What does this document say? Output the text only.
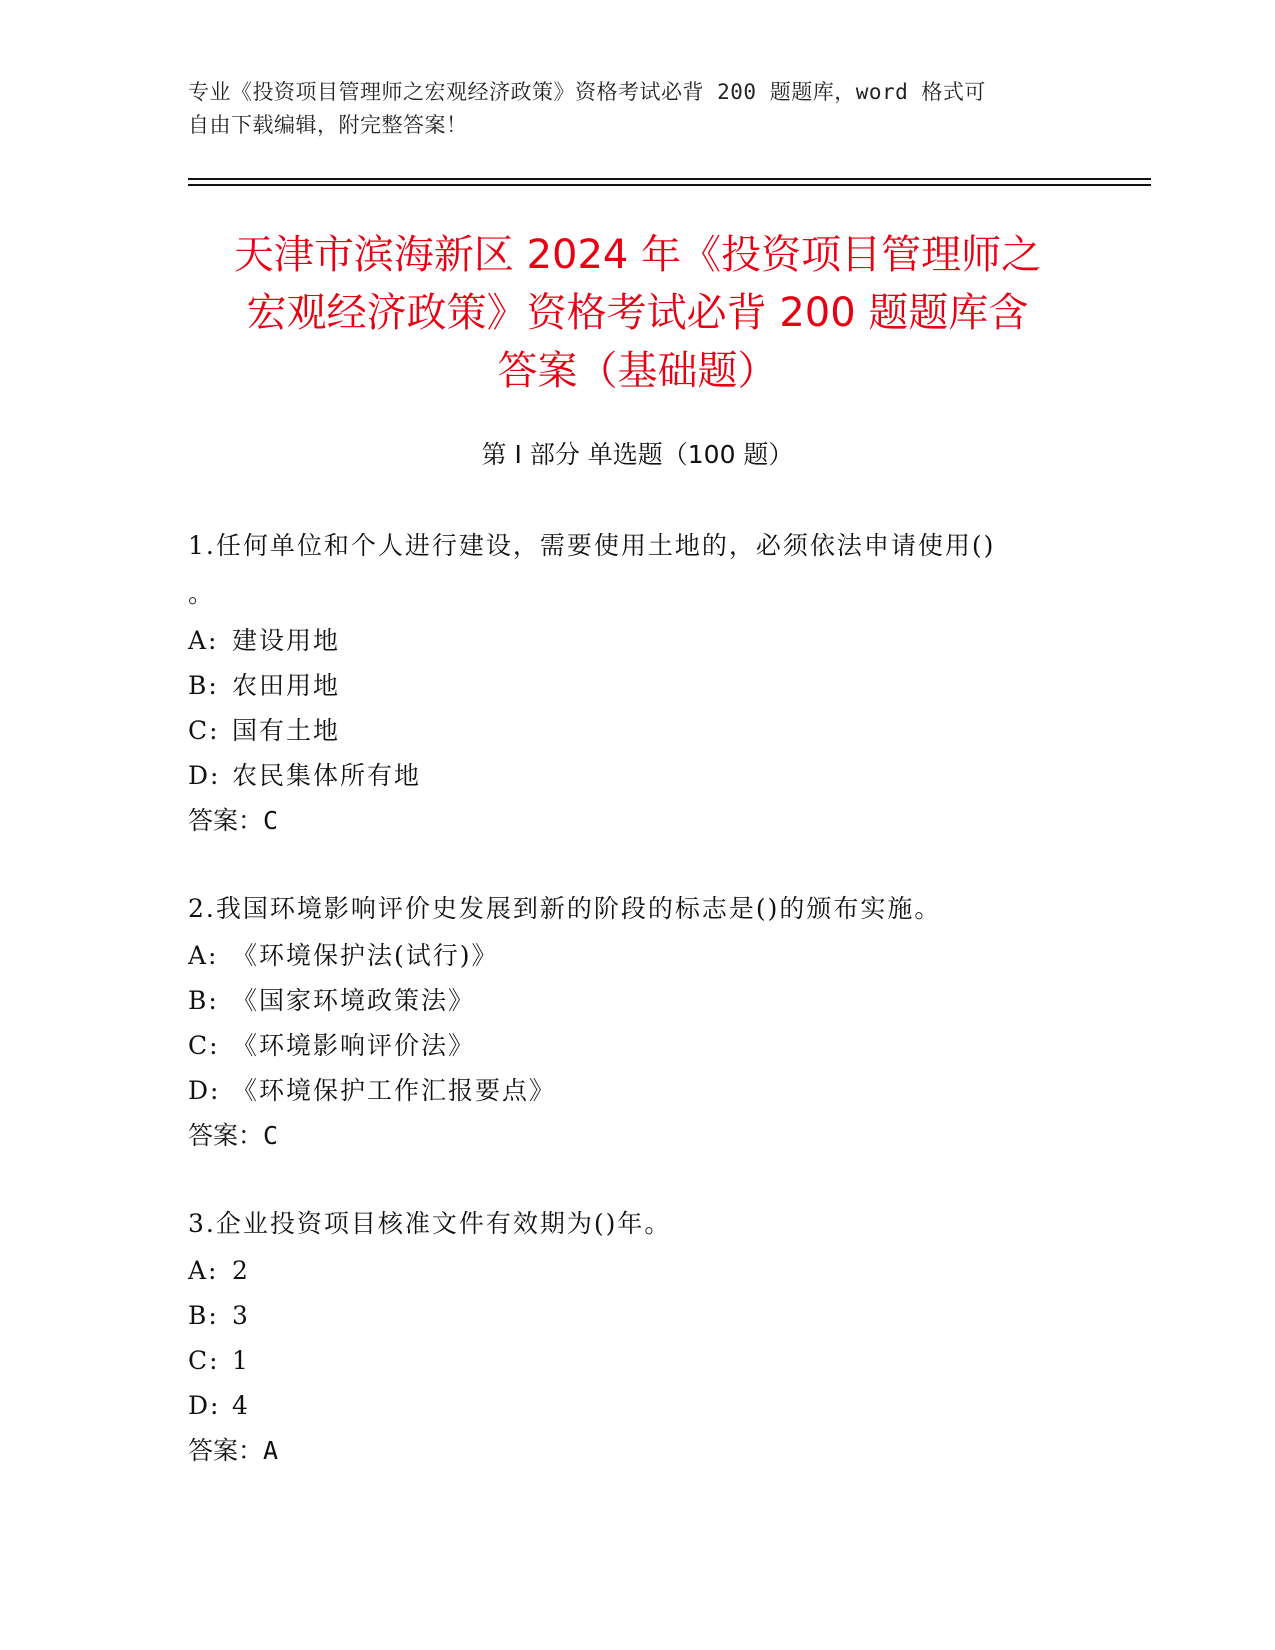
专业《投资项目管理师之宏观经济政策》资格考试必背 200 题题库，word 格式可
自由下载编辑，附完整答案！
天津市滨海新区 2024 年《投资项目管理师之
宏观经济政策》资格考试必背 200 题题库含
答案（基础题）
第 I 部分 单选题（100 题）
1.任何单位和个人进行建设，需要使用土地的，必须依法申请使用()
。
A: 建设用地
B: 农田用地
C: 国有土地
D: 农民集体所有地
答案：C
2.我国环境影响评价史发展到新的阶段的标志是()的颁布实施。
A: 《环境保护法(试行)》
B: 《国家环境政策法》
C: 《环境影响评价法》
D: 《环境保护工作汇报要点》
答案：C
3.企业投资项目核准文件有效期为()年。
A: 2
B: 3
C: 1
D: 4
答案：A
